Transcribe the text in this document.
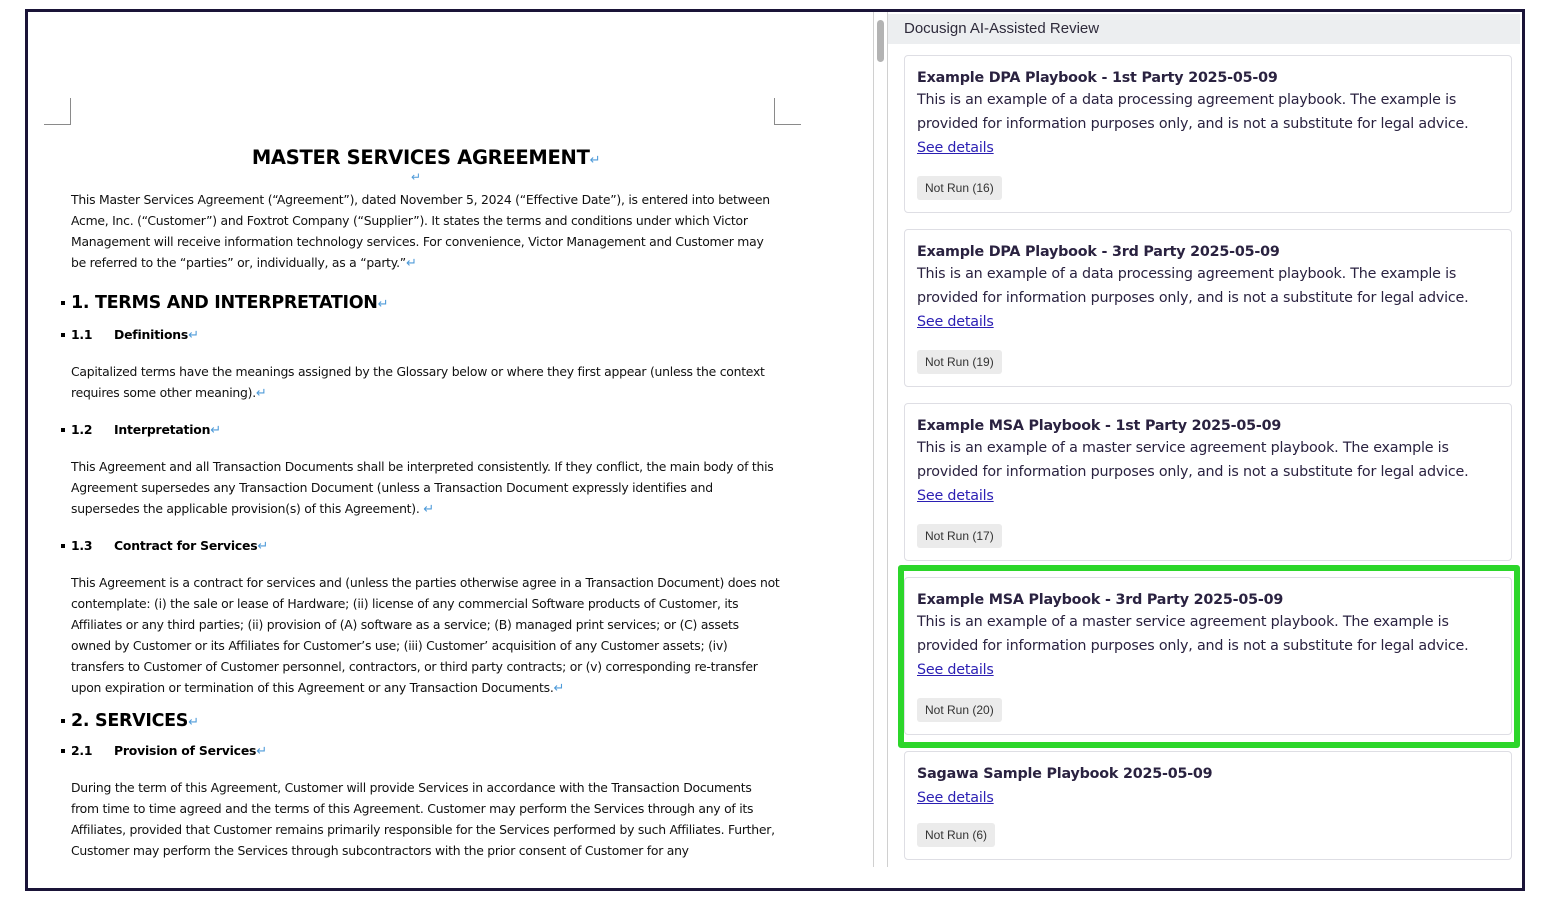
MASTER SERVICES AGREEMENT↵
↵

This Master Services Agreement (“Agreement”), dated November 5, 2024 (“Effective Date”), is entered into between Acme, Inc. (“Customer”) and Foxtrot Company (“Supplier”). It states the terms and conditions under which Victor Management will receive information technology services. For convenience, Victor Management and Customer may be referred to the “parties” or, individually, as a “party.”↵

1. TERMS AND INTERPRETATION↵
1.1 Definitions↵

Capitalized terms have the meanings assigned by the Glossary below or where they first appear (unless the context requires some other meaning).↵

1.2 Interpretation↵

This Agreement and all Transaction Documents shall be interpreted consistently. If they conflict, the main body of this Agreement supersedes any Transaction Document (unless a Transaction Document expressly identifies and supersedes the applicable provision(s) of this Agreement). ↵

1.3 Contract for Services↵

This Agreement is a contract for services and (unless the parties otherwise agree in a Transaction Document) does not contemplate: (i) the sale or lease of Hardware; (ii) license of any commercial Software products of Customer, its Affiliates or any third parties; (ii) provision of (A) software as a service; (B) managed print services; or (C) assets owned by Customer or its Affiliates for Customer’s use; (iii) Customer’ acquisition of any Customer assets; (iv) transfers to Customer of Customer personnel, contractors, or third party contracts; or (v) corresponding re-transfer upon expiration or termination of this Agreement or any Transaction Documents.↵

2. SERVICES↵
2.1 Provision of Services↵

During the term of this Agreement, Customer will provide Services in accordance with the Transaction Documents from time to time agreed and the terms of this Agreement. Customer may perform the Services through any of its Affiliates, provided that Customer remains primarily responsible for the Services performed by such Affiliates. Further, Customer may perform the Services through subcontractors with the prior consent of Customer for any

Docusign AI-Assisted Review
Example DPA Playbook - 1st Party 2025-05-09
This is an example of a data processing agreement playbook. The example is provided for information purposes only, and is not a substitute for legal advice.
See details
Not Run (16)
Example DPA Playbook - 3rd Party 2025-05-09
This is an example of a data processing agreement playbook. The example is provided for information purposes only, and is not a substitute for legal advice.
See details
Not Run (19)
Example MSA Playbook - 1st Party 2025-05-09
This is an example of a master service agreement playbook. The example is provided for information purposes only, and is not a substitute for legal advice.
See details
Not Run (17)
Example MSA Playbook - 3rd Party 2025-05-09
This is an example of a master service agreement playbook. The example is provided for information purposes only, and is not a substitute for legal advice.
See details
Not Run (20)
Sagawa Sample Playbook 2025-05-09
See details
Not Run (6)
